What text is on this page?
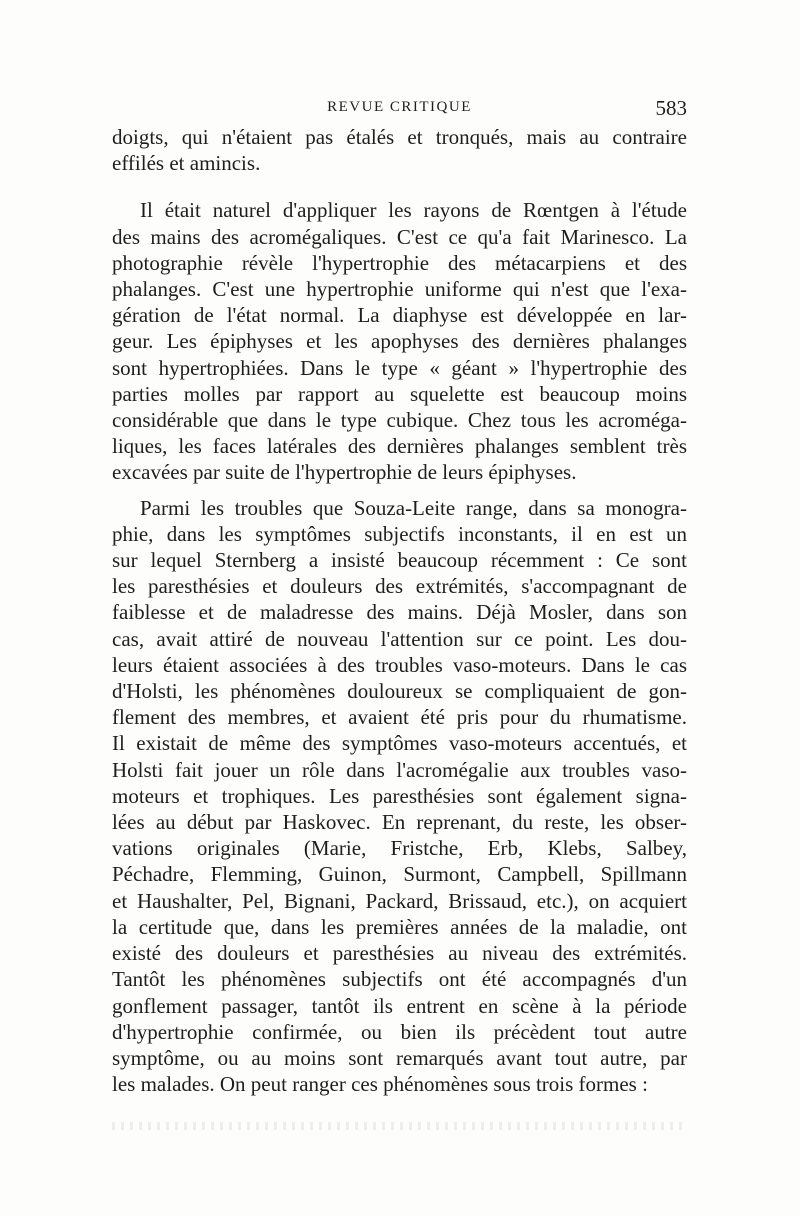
REVUE CRITIQUE	583

doigts, qui n'étaient pas étalés et tronqués, mais au contraire
effilés et amincis.

Il était naturel d'appliquer les rayons de Rœntgen à l'étude
des mains des acromégaliques. C'est ce qu'a fait Marinesco. La
photographie révèle l'hypertrophie des métacarpiens et des
phalanges. C'est une hypertrophie uniforme qui n'est que l'exa-
gération de l'état normal. La diaphyse est développée en lar-
geur. Les épiphyses et les apophyses des dernières phalanges
sont hypertrophiées. Dans le type « géant » l'hypertrophie des
parties molles par rapport au squelette est beaucoup moins
considérable que dans le type cubique. Chez tous les acroméga-
liques, les faces latérales des dernières phalanges semblent très
excavées par suite de l'hypertrophie de leurs épiphyses.

Parmi les troubles que Souza-Leite range, dans sa monogra-
phie, dans les symptômes subjectifs inconstants, il en est un
sur lequel Sternberg a insisté beaucoup récemment : Ce sont
les paresthésies et douleurs des extrémités, s'accompagnant de
faiblesse et de maladresse des mains. Déjà Mosler, dans son
cas, avait attiré de nouveau l'attention sur ce point. Les dou-
leurs étaient associées à des troubles vaso-moteurs. Dans le cas
d'Holsti, les phénomènes douloureux se compliquaient de gon-
flement des membres, et avaient été pris pour du rhumatisme.
Il existait de même des symptômes vaso-moteurs accentués, et
Holsti fait jouer un rôle dans l'acromégalie aux troubles vaso-
moteurs et trophiques. Les paresthésies sont également signa-
lées au début par Haskovec. En reprenant, du reste, les obser-
vations originales (Marie, Fristche, Erb, Klebs, Salbey,
Péchadre, Flemming, Guinon, Surmont, Campbell, Spillmann
et Haushalter, Pel, Bignani, Packard, Brissaud, etc.), on acquiert
la certitude que, dans les premières années de la maladie, ont
existé des douleurs et paresthésies au niveau des extrémités.
Tantôt les phénomènes subjectifs ont été accompagnés d'un
gonflement passager, tantôt ils entrent en scène à la période
d'hypertrophie confirmée, ou bien ils précèdent tout autre
symptôme, ou au moins sont remarqués avant tout autre, par
les malades. On peut ranger ces phénomènes sous trois formes :
